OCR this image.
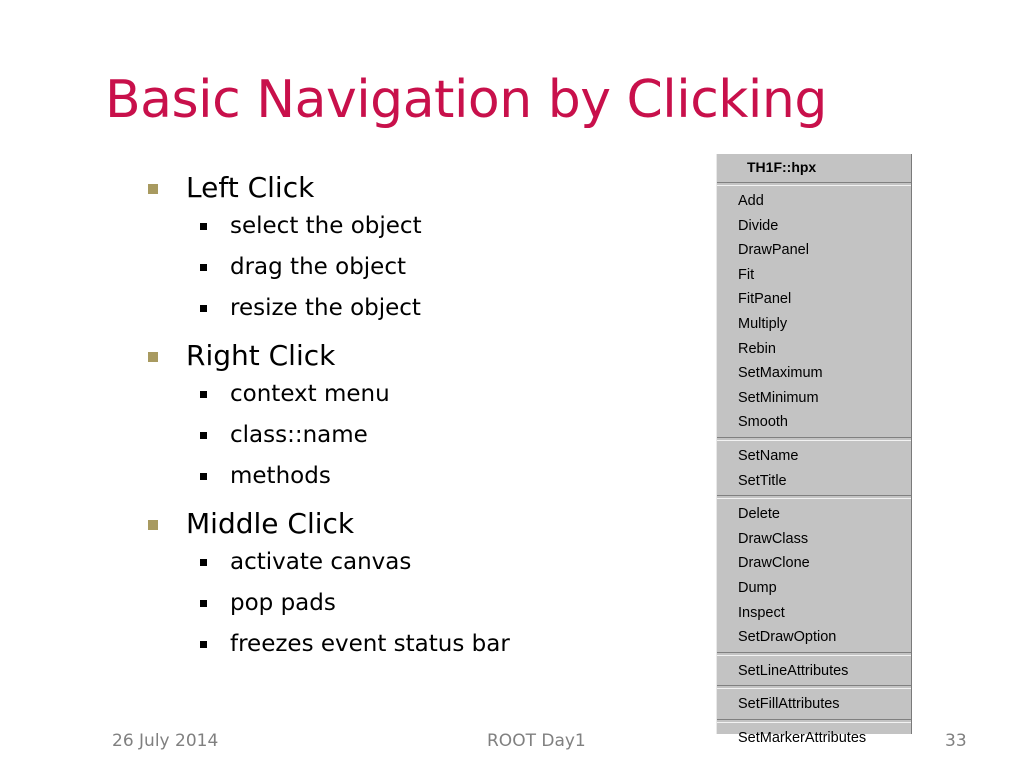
Basic Navigation by Clicking
Left Click
select the object
drag the object
resize the object
Right Click
context menu
class::name
methods
Middle Click
activate canvas
pop pads
freezes event status bar
TH1F::hpx
Add
Divide
DrawPanel
Fit
FitPanel
Multiply
Rebin
SetMaximum
SetMinimum
Smooth
SetName
SetTitle
Delete
DrawClass
DrawClone
Dump
Inspect
SetDrawOption
SetLineAttributes
SetFillAttributes
SetMarkerAttributes
26 July 2014	ROOT Day1	33
